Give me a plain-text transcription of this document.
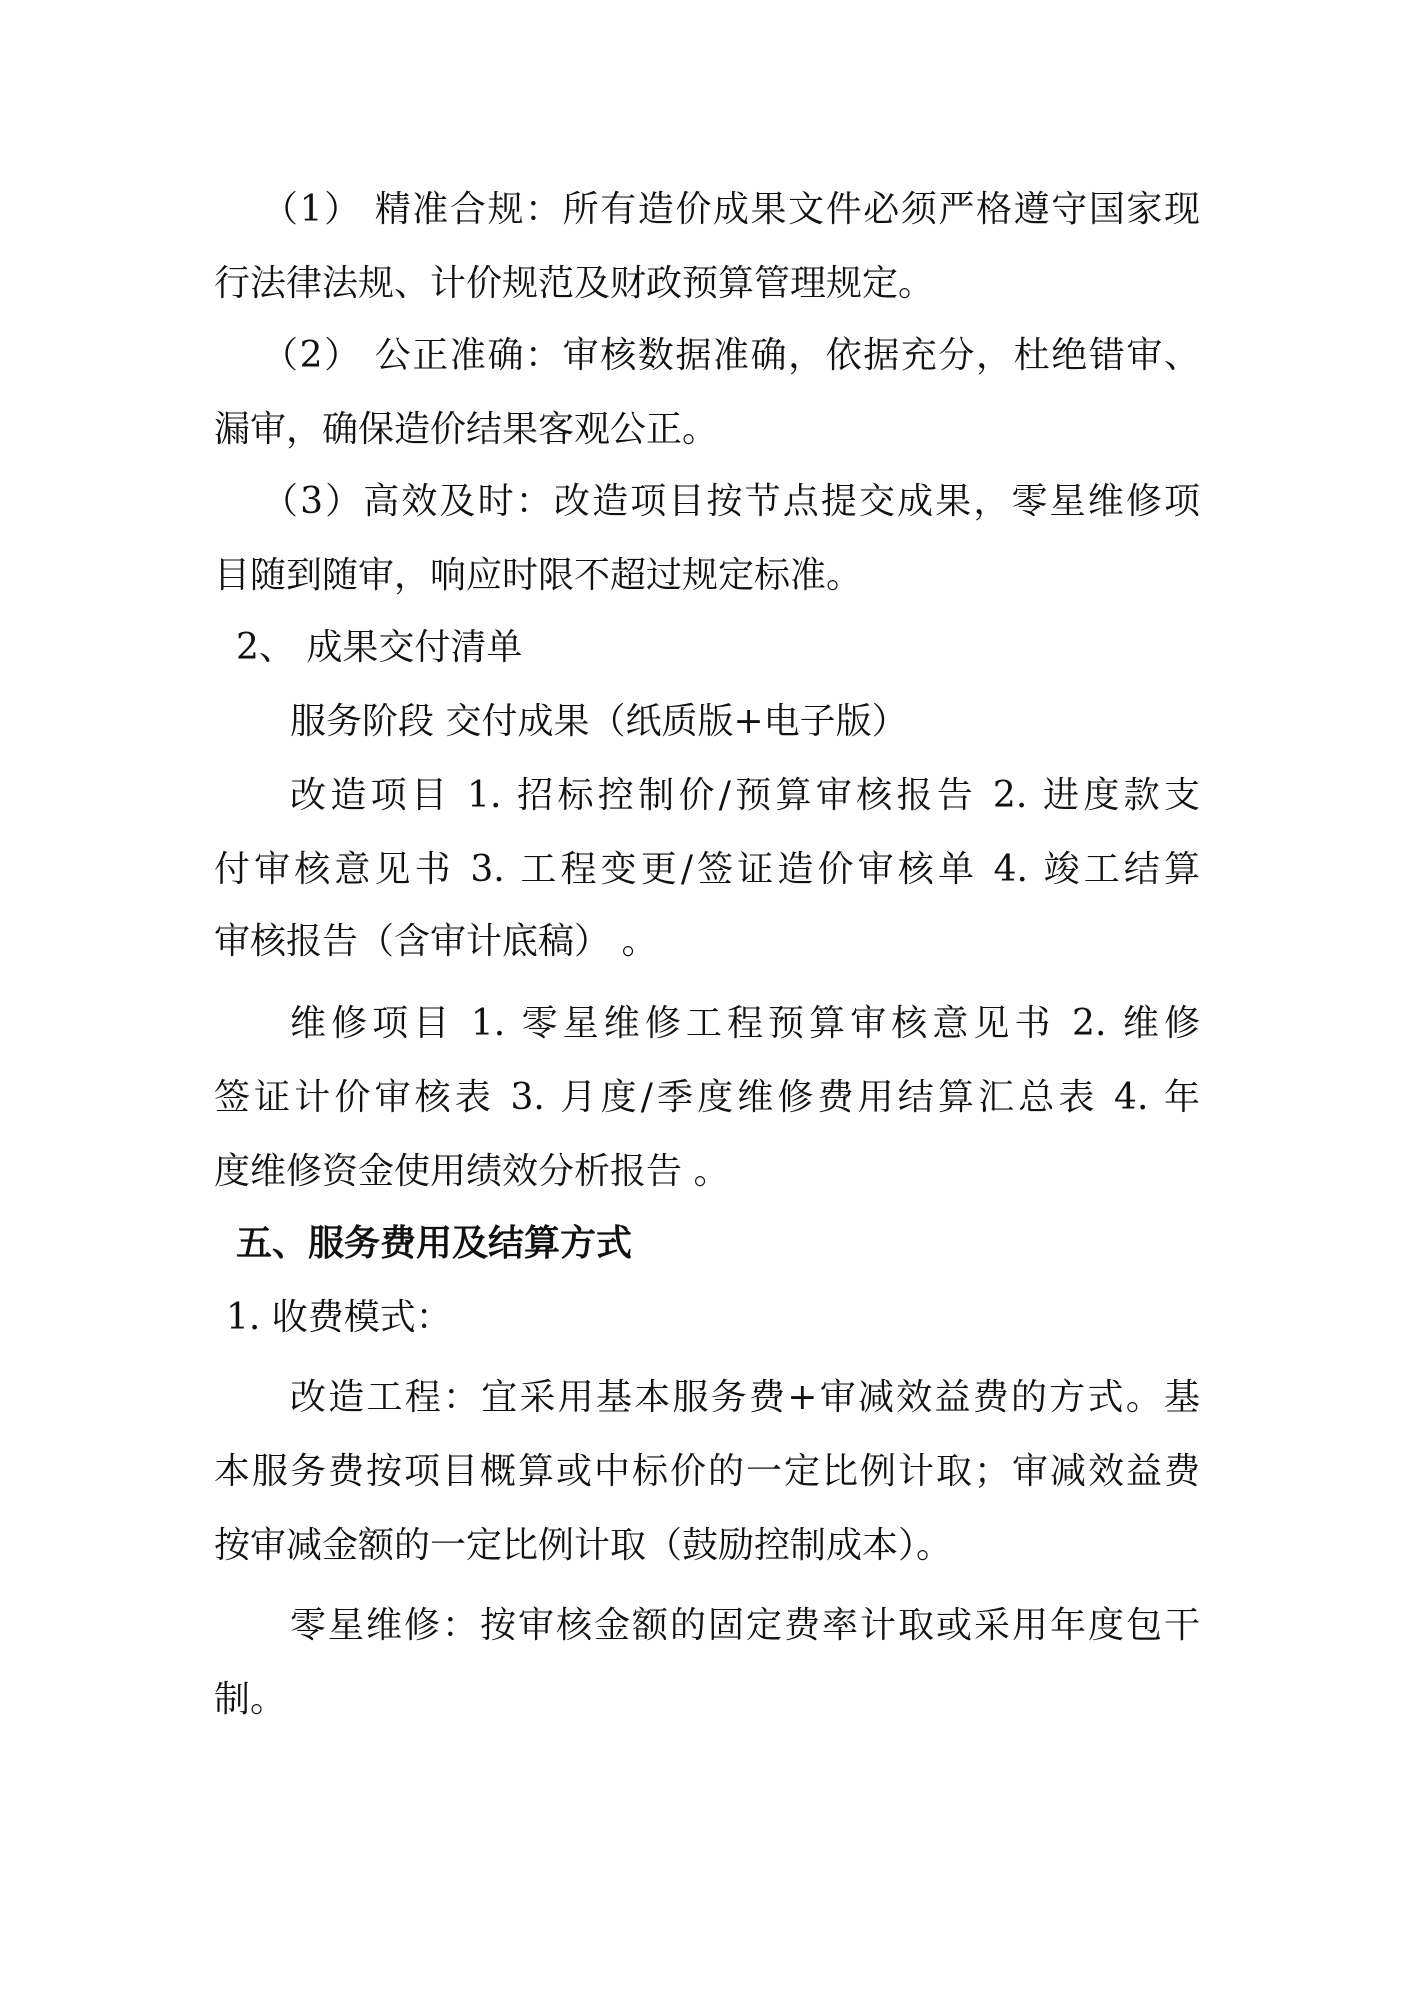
（1） 精准合规：所有造价成果文件必须严格遵守国家现
行法律法规、计价规范及财政预算管理规定。
（2） 公正准确：审核数据准确，依据充分，杜绝错审、
漏审，确保造价结果客观公正。
（3）高效及时：改造项目按节点提交成果，零星维修项
目随到随审，响应时限不超过规定标准。
2、 成果交付清单
服务阶段 交付成果（纸质版+电子版）
改造项目 1. 招标控制价/预算审核报告 2. 进度款支
付审核意见书 3. 工程变更/签证造价审核单 4. 竣工结算
审核报告（含审计底稿） 。
维修项目 1. 零星维修工程预算审核意见书 2. 维修
签证计价审核表 3. 月度/季度维修费用结算汇总表 4. 年
度维修资金使用绩效分析报告 。
五、服务费用及结算方式
1. 收费模式：
改造工程：宜采用基本服务费+审减效益费的方式。基
本服务费按项目概算或中标价的一定比例计取；审减效益费
按审减金额的一定比例计取（鼓励控制成本）。
零星维修：按审核金额的固定费率计取或采用年度包干
制。
